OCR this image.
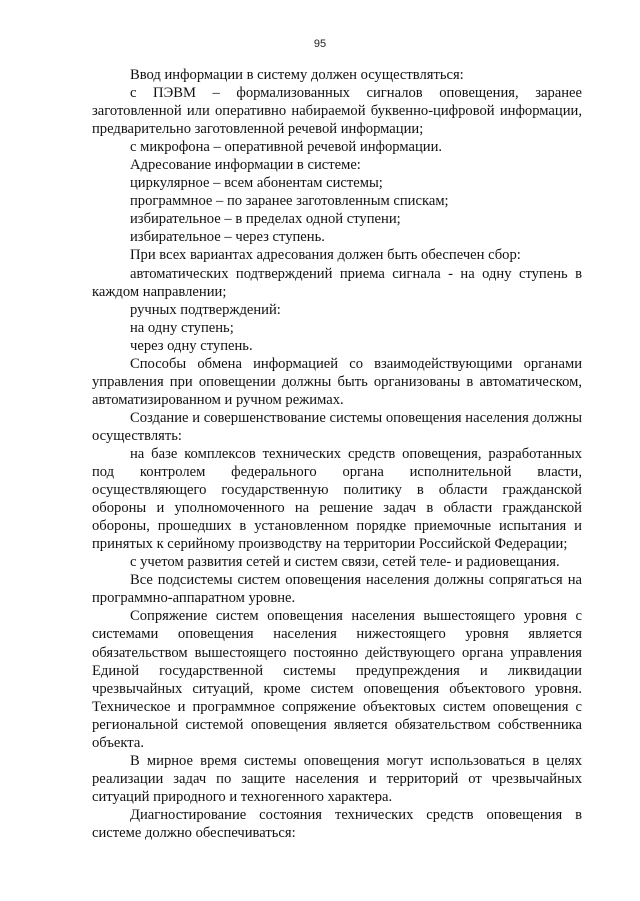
95

Ввод информации в систему должен осуществляться:

с ПЭВМ – формализованных сигналов оповещения, заранее заготовленной или оперативно набираемой буквенно-цифровой информации, предварительно заготовленной речевой информации;

с микрофона – оперативной речевой информации.

Адресование информации в системе:

циркулярное – всем абонентам системы;

программное – по заранее заготовленным спискам;

избирательное – в пределах одной ступени;

избирательное – через ступень.

При всех вариантах адресования должен быть обеспечен сбор:

автоматических подтверждений приема сигнала - на одну ступень в каждом направлении;

ручных подтверждений:

на одну ступень;

через одну ступень.

Способы обмена информацией со взаимодействующими органами управления при оповещении должны быть организованы в автоматическом, автоматизированном и ручном режимах.

Создание и совершенствование системы оповещения населения должны осуществлять:

на базе комплексов технических средств оповещения, разработанных под контролем федерального органа исполнительной власти, осуществляющего государственную политику в области гражданской обороны и уполномоченного на решение задач в области гражданской обороны, прошедших в установленном порядке приемочные испытания и принятых к серийному производству на территории Российской Федерации;

с учетом развития сетей и систем связи, сетей теле- и радиовещания.

Все подсистемы систем оповещения населения должны сопрягаться на программно-аппаратном уровне.

Сопряжение систем оповещения населения вышестоящего уровня с системами оповещения населения нижестоящего уровня является обязательством вышестоящего постоянно действующего органа управления Единой государственной системы предупреждения и ликвидации чрезвычайных ситуаций, кроме систем оповещения объектового уровня. Техническое и программное сопряжение объектовых систем оповещения с региональной системой оповещения является обязательством собственника объекта.

В мирное время системы оповещения могут использоваться в целях реализации задач по защите населения и территорий от чрезвычайных ситуаций природного и техногенного характера.

Диагностирование состояния технических средств оповещения в системе должно обеспечиваться:
